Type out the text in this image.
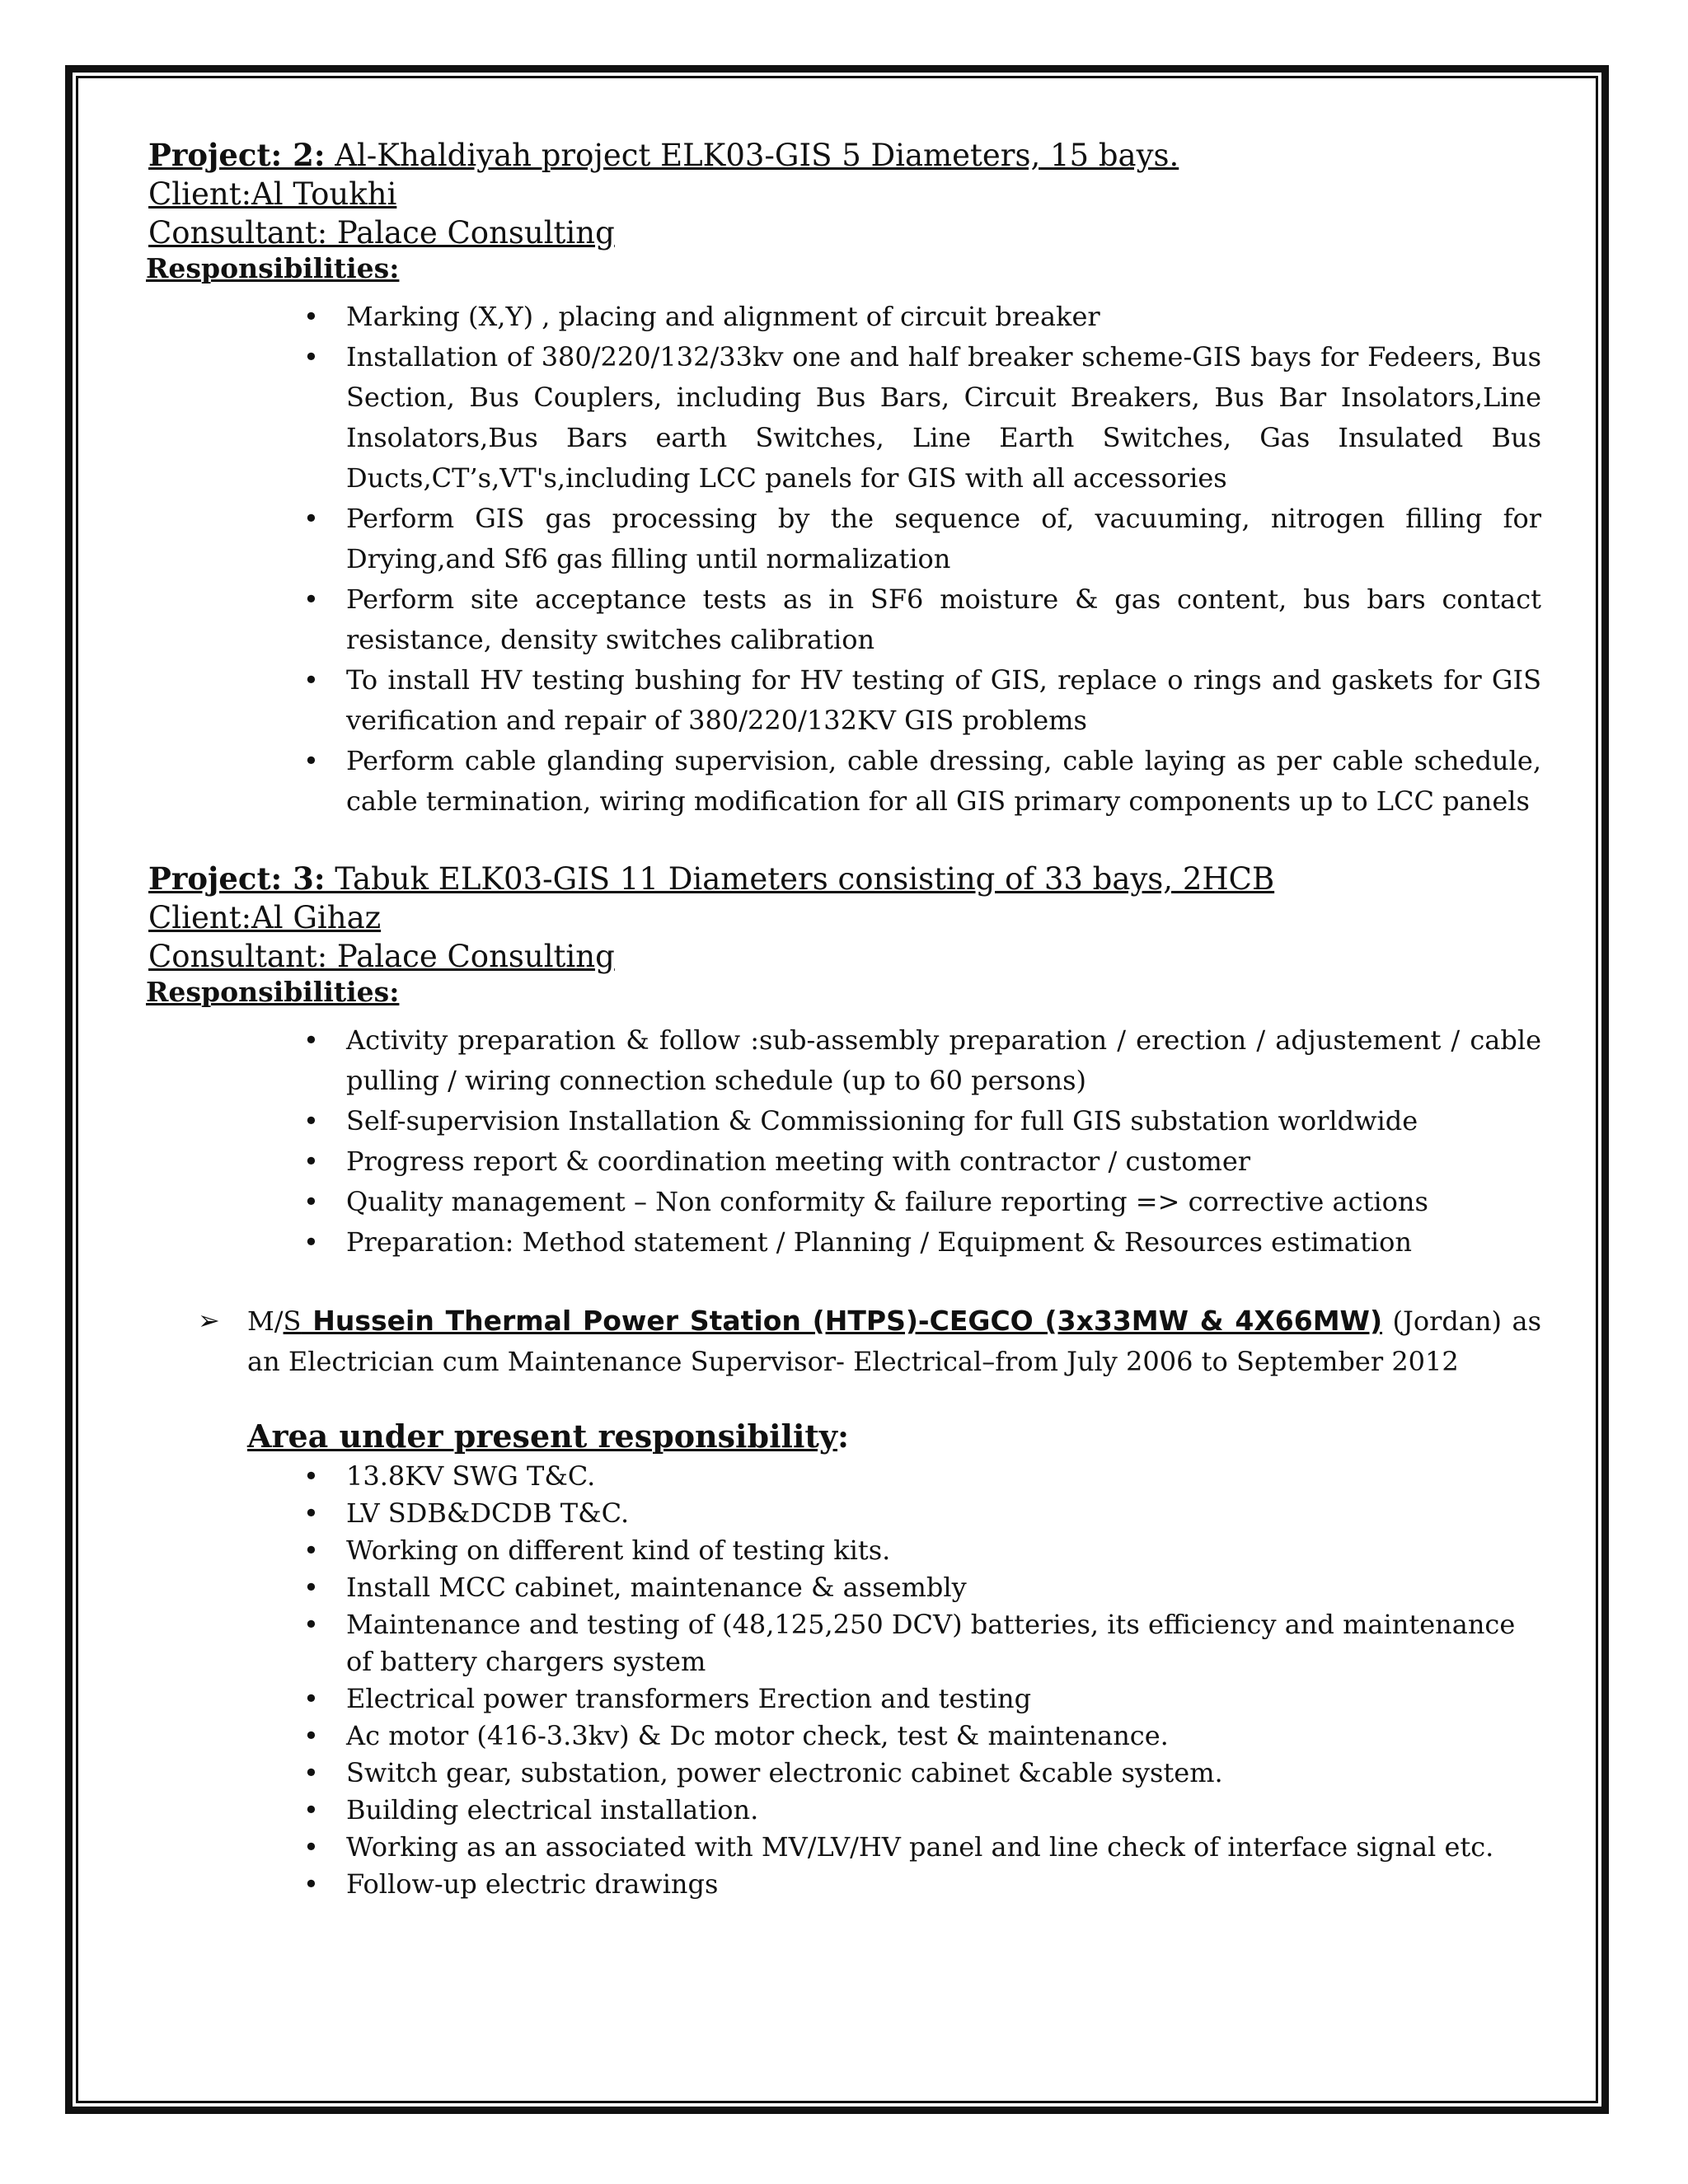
Project: 2: Al-Khaldiyah project ELK03-GIS 5 Diameters, 15 bays.

Client:Al Toukhi

Consultant: Palace Consulting

Responsibilities:

• Marking (X,Y) , placing and alignment of circuit breaker
• Installation of 380/220/132/33kv one and half breaker scheme-GIS bays for Fedeers, Bus Section, Bus Couplers, including Bus Bars, Circuit Breakers, Bus Bar Insolators,Line Insolators,Bus Bars earth Switches, Line Earth Switches, Gas Insulated Bus Ducts,CT’s,VT's,including LCC panels for GIS with all accessories
• Perform GIS gas processing by the sequence of, vacuuming, nitrogen filling for Drying,and Sf6 gas filling until normalization
• Perform site acceptance tests as in SF6 moisture & gas content, bus bars contact resistance, density switches calibration
• To install HV testing bushing for HV testing of GIS, replace o rings and gaskets for GIS verification and repair of 380/220/132KV GIS problems
• Perform cable glanding supervision, cable dressing, cable laying as per cable schedule, cable termination, wiring modification for all GIS primary components up to LCC panels

Project: 3: Tabuk ELK03-GIS 11 Diameters consisting of 33 bays, 2HCB

Client:Al Gihaz

Consultant: Palace Consulting

Responsibilities:

• Activity preparation & follow :sub-assembly preparation / erection / adjustement / cable pulling / wiring connection schedule (up to 60 persons)
• Self-supervision Installation & Commissioning for full GIS substation worldwide
• Progress report & coordination meeting with contractor / customer
• Quality management – Non conformity & failure reporting => corrective actions
• Preparation: Method statement / Planning / Equipment & Resources estimation
➢ M/S Hussein Thermal Power Station (HTPS)-CEGCO (3x33MW & 4X66MW) (Jordan) as an Electrician cum Maintenance Supervisor- Electrical–from July 2006 to September 2012
Area under present responsibility:
• 13.8KV SWG T&C.
• LV SDB&DCDB T&C.
• Working on different kind of testing kits.
• Install MCC cabinet, maintenance & assembly
• Maintenance and testing of (48,125,250 DCV) batteries, its efficiency and maintenance of battery chargers system
• Electrical power transformers Erection and testing
• Ac motor (416-3.3kv) & Dc motor check, test & maintenance.
• Switch gear, substation, power electronic cabinet &cable system.
• Building electrical installation.
• Working as an associated with MV/LV/HV panel and line check of interface signal etc.
• Follow-up electric drawings
